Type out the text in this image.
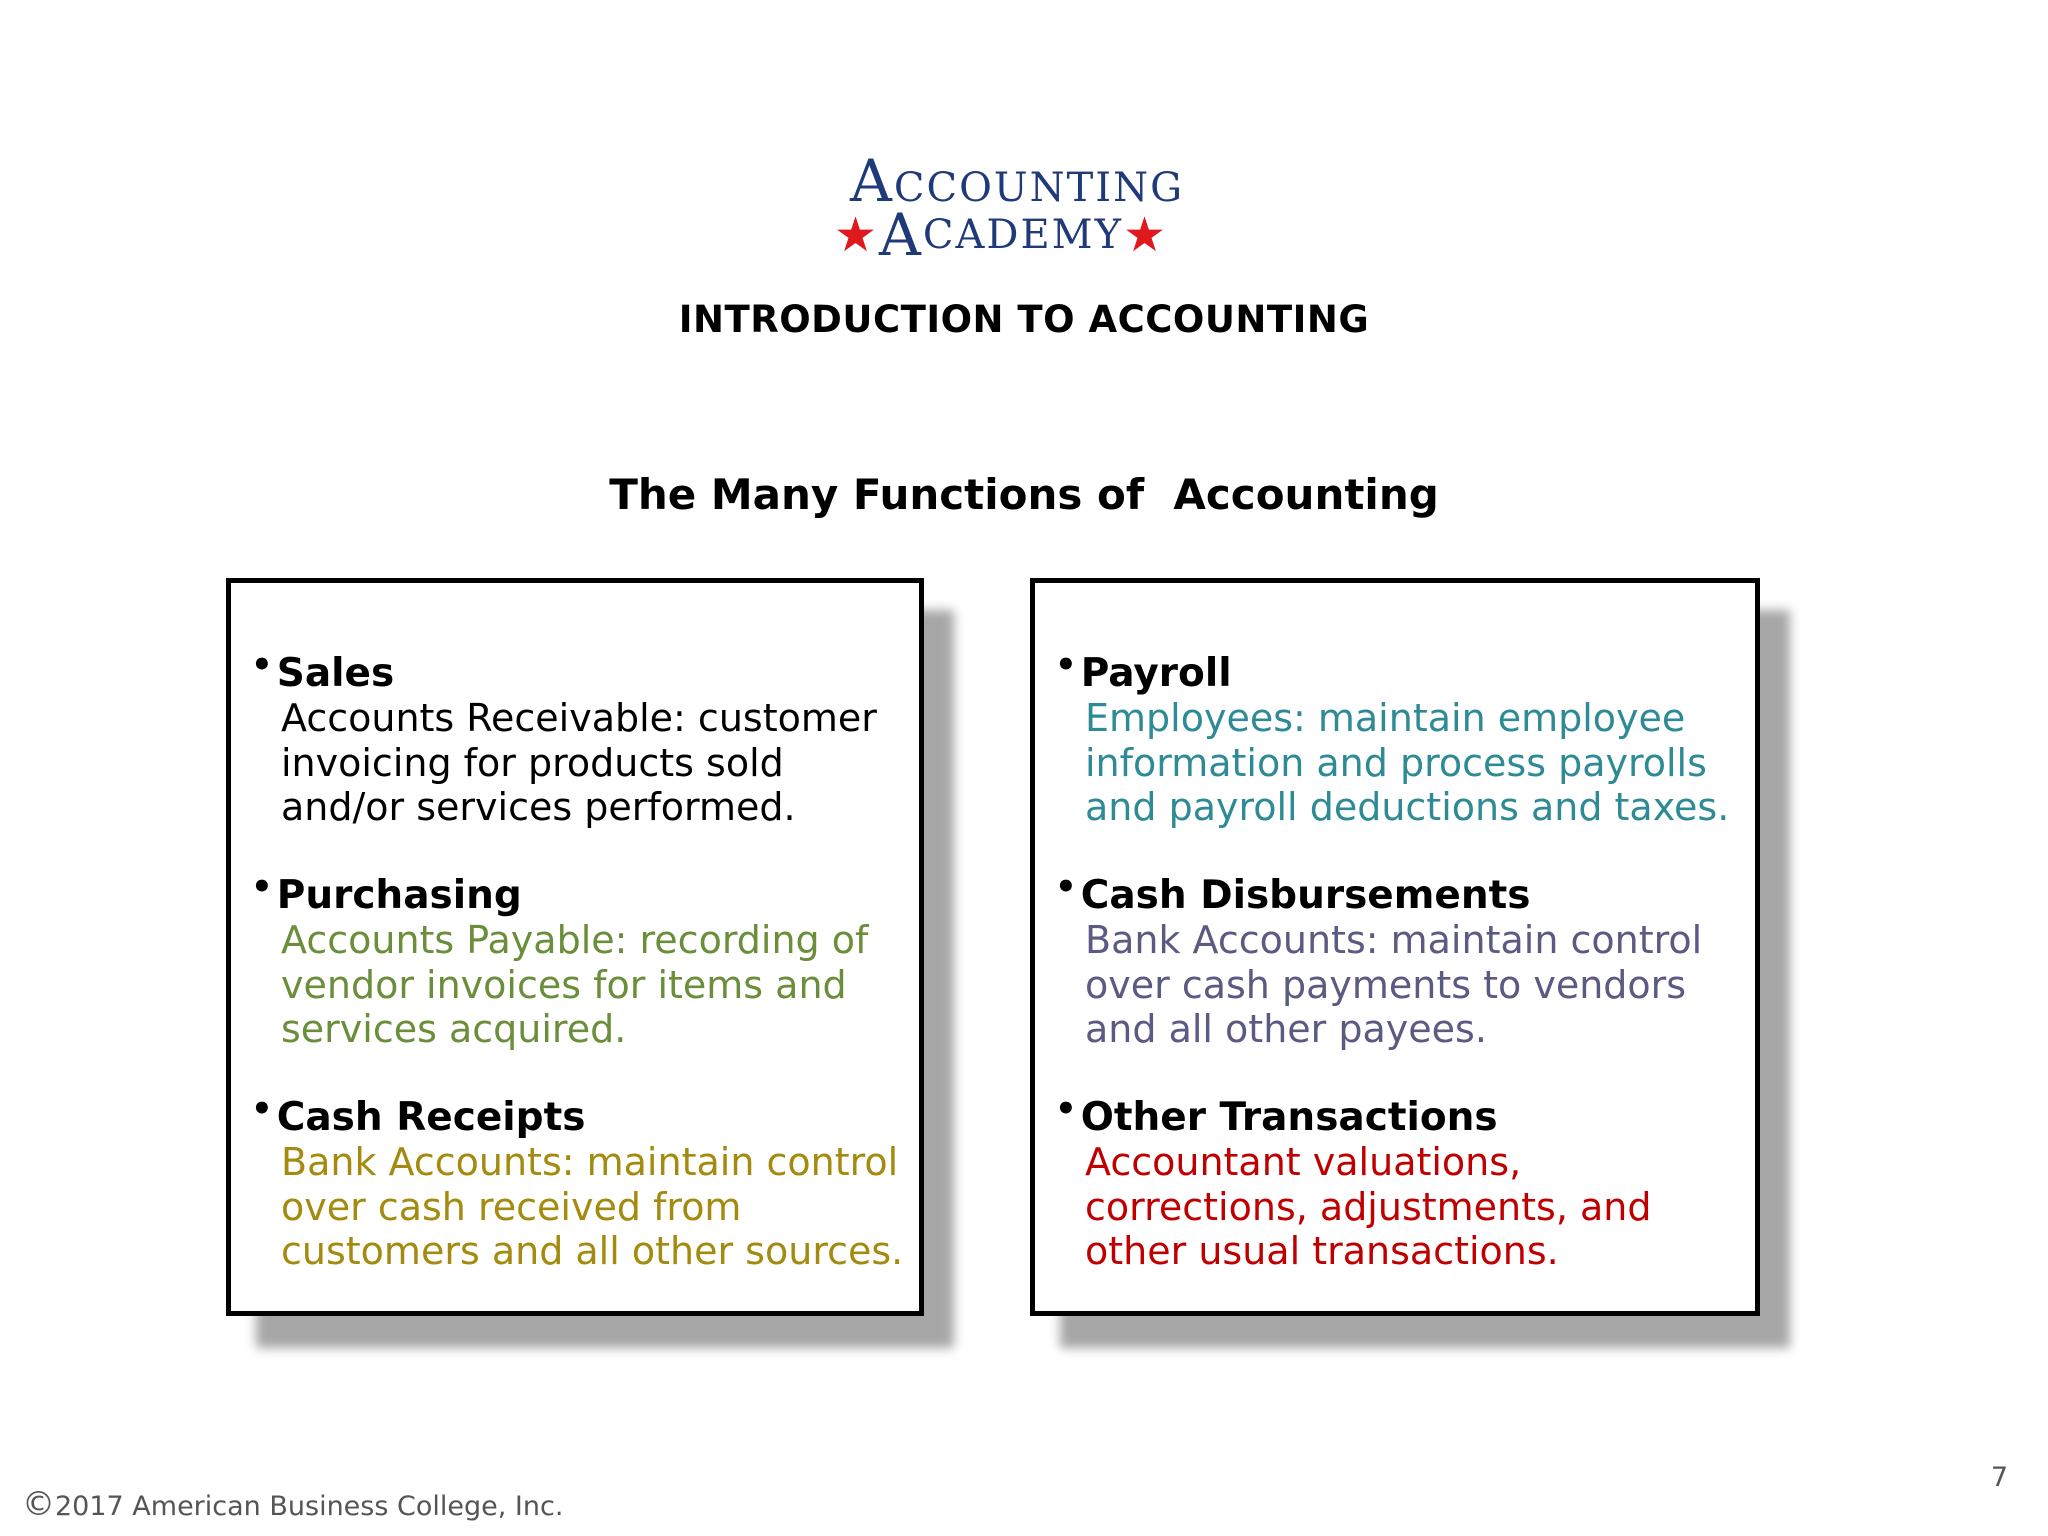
ACCOUNTING
★ A CADEMY ★
INTRODUCTION TO ACCOUNTING
The Many Functions of  Accounting
• Sales
Accounts Receivable: customer
invoicing for products sold
and/or services performed.
• Purchasing
Accounts Payable: recording of
vendor invoices for items and
services acquired.
• Cash Receipts
Bank Accounts: maintain control
over cash received from
customers and all other sources.
• Payroll
Employees: maintain employee
information and process payrolls
and payroll deductions and taxes.
• Cash Disbursements
Bank Accounts: maintain control
over cash payments to vendors
and all other payees.
• Other Transactions
Accountant valuations,
corrections, adjustments, and
other usual transactions.
©2017 American Business College, Inc.
7
